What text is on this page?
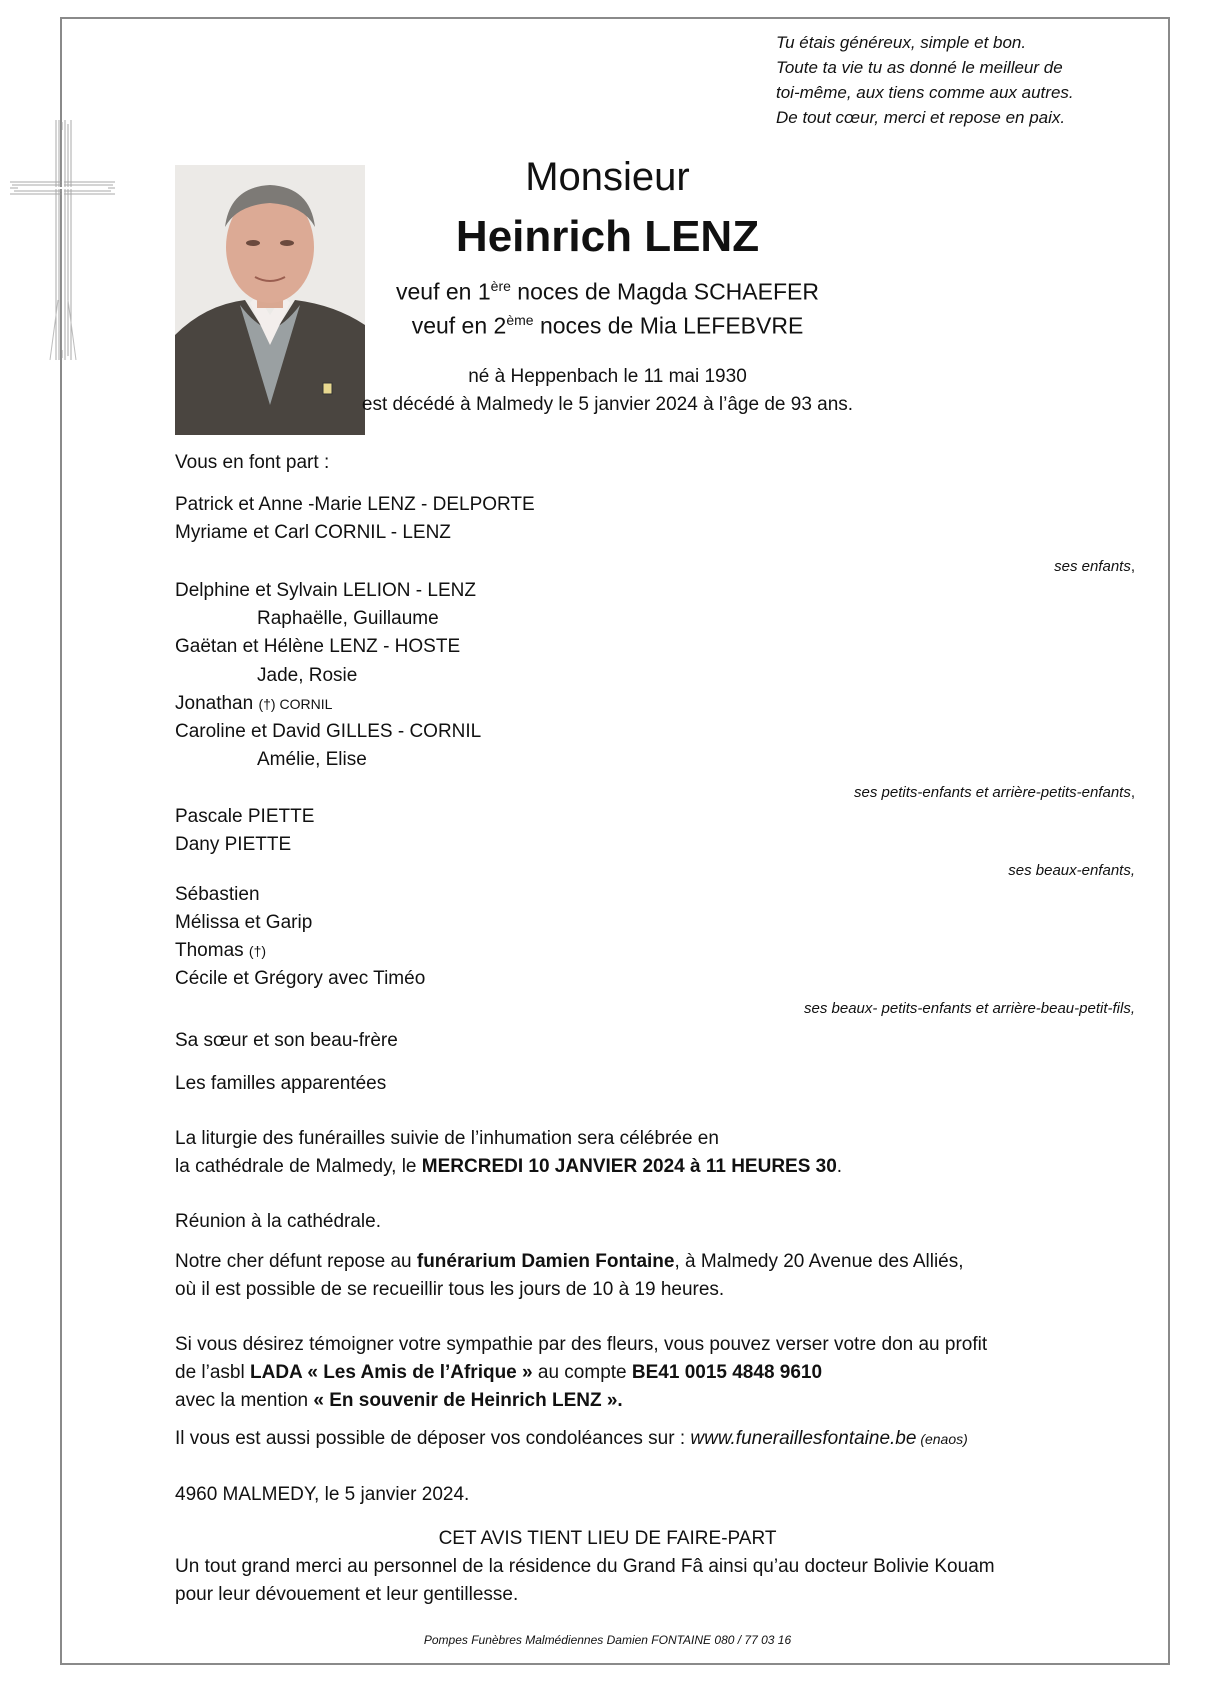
Tu étais généreux, simple et bon.
Toute ta vie tu as donné le meilleur de
toi-même, aux tiens comme aux autres.
De tout cœur, merci et repose en paix.
Monsieur
Heinrich LENZ
veuf en 1ère noces de Magda SCHAEFER
veuf en 2ème noces de Mia LEFEBVRE
né à Heppenbach le 11 mai 1930
est décédé à Malmedy le 5 janvier 2024 à l’âge de 93 ans.
Vous en font part :
Patrick et Anne -Marie LENZ - DELPORTE
Myriame et Carl CORNIL - LENZ
ses enfants,
Delphine et Sylvain LELION - LENZ
Raphaëlle, Guillaume
Gaëtan et Hélène LENZ - HOSTE
Jade, Rosie
Jonathan (†) CORNIL
Caroline et David GILLES - CORNIL
Amélie, Elise
ses petits-enfants et arrière-petits-enfants,
Pascale PIETTE
Dany PIETTE
ses beaux-enfants,
Sébastien
Mélissa et Garip
Thomas (†)
Cécile et Grégory avec Timéo
ses beaux- petits-enfants et arrière-beau-petit-fils,
Sa sœur et son beau-frère
Les familles apparentées
La liturgie des funérailles suivie de l’inhumation sera célébrée en
la cathédrale de Malmedy, le MERCREDI 10 JANVIER 2024 à 11 HEURES 30.
Réunion à la cathédrale.
Notre cher défunt repose au funérarium Damien Fontaine, à Malmedy 20 Avenue des Alliés,
où il est possible de se recueillir tous les jours de 10 à 19 heures.
Si vous désirez témoigner votre sympathie par des fleurs, vous pouvez verser votre don au profit
de l’asbl LADA « Les Amis de l’Afrique » au compte BE41 0015 4848 9610
avec la mention « En souvenir de Heinrich LENZ ».
Il vous est aussi possible de déposer vos condoléances sur : www.funeraillesfontaine.be (enaos)
4960 MALMEDY, le 5 janvier 2024.
CET AVIS TIENT LIEU DE FAIRE-PART
Un tout grand merci au personnel de la résidence du Grand Fâ ainsi qu’au docteur Bolivie Kouam
pour leur dévouement et leur gentillesse.
Pompes Funèbres Malmédiennes Damien FONTAINE 080 / 77 03 16
